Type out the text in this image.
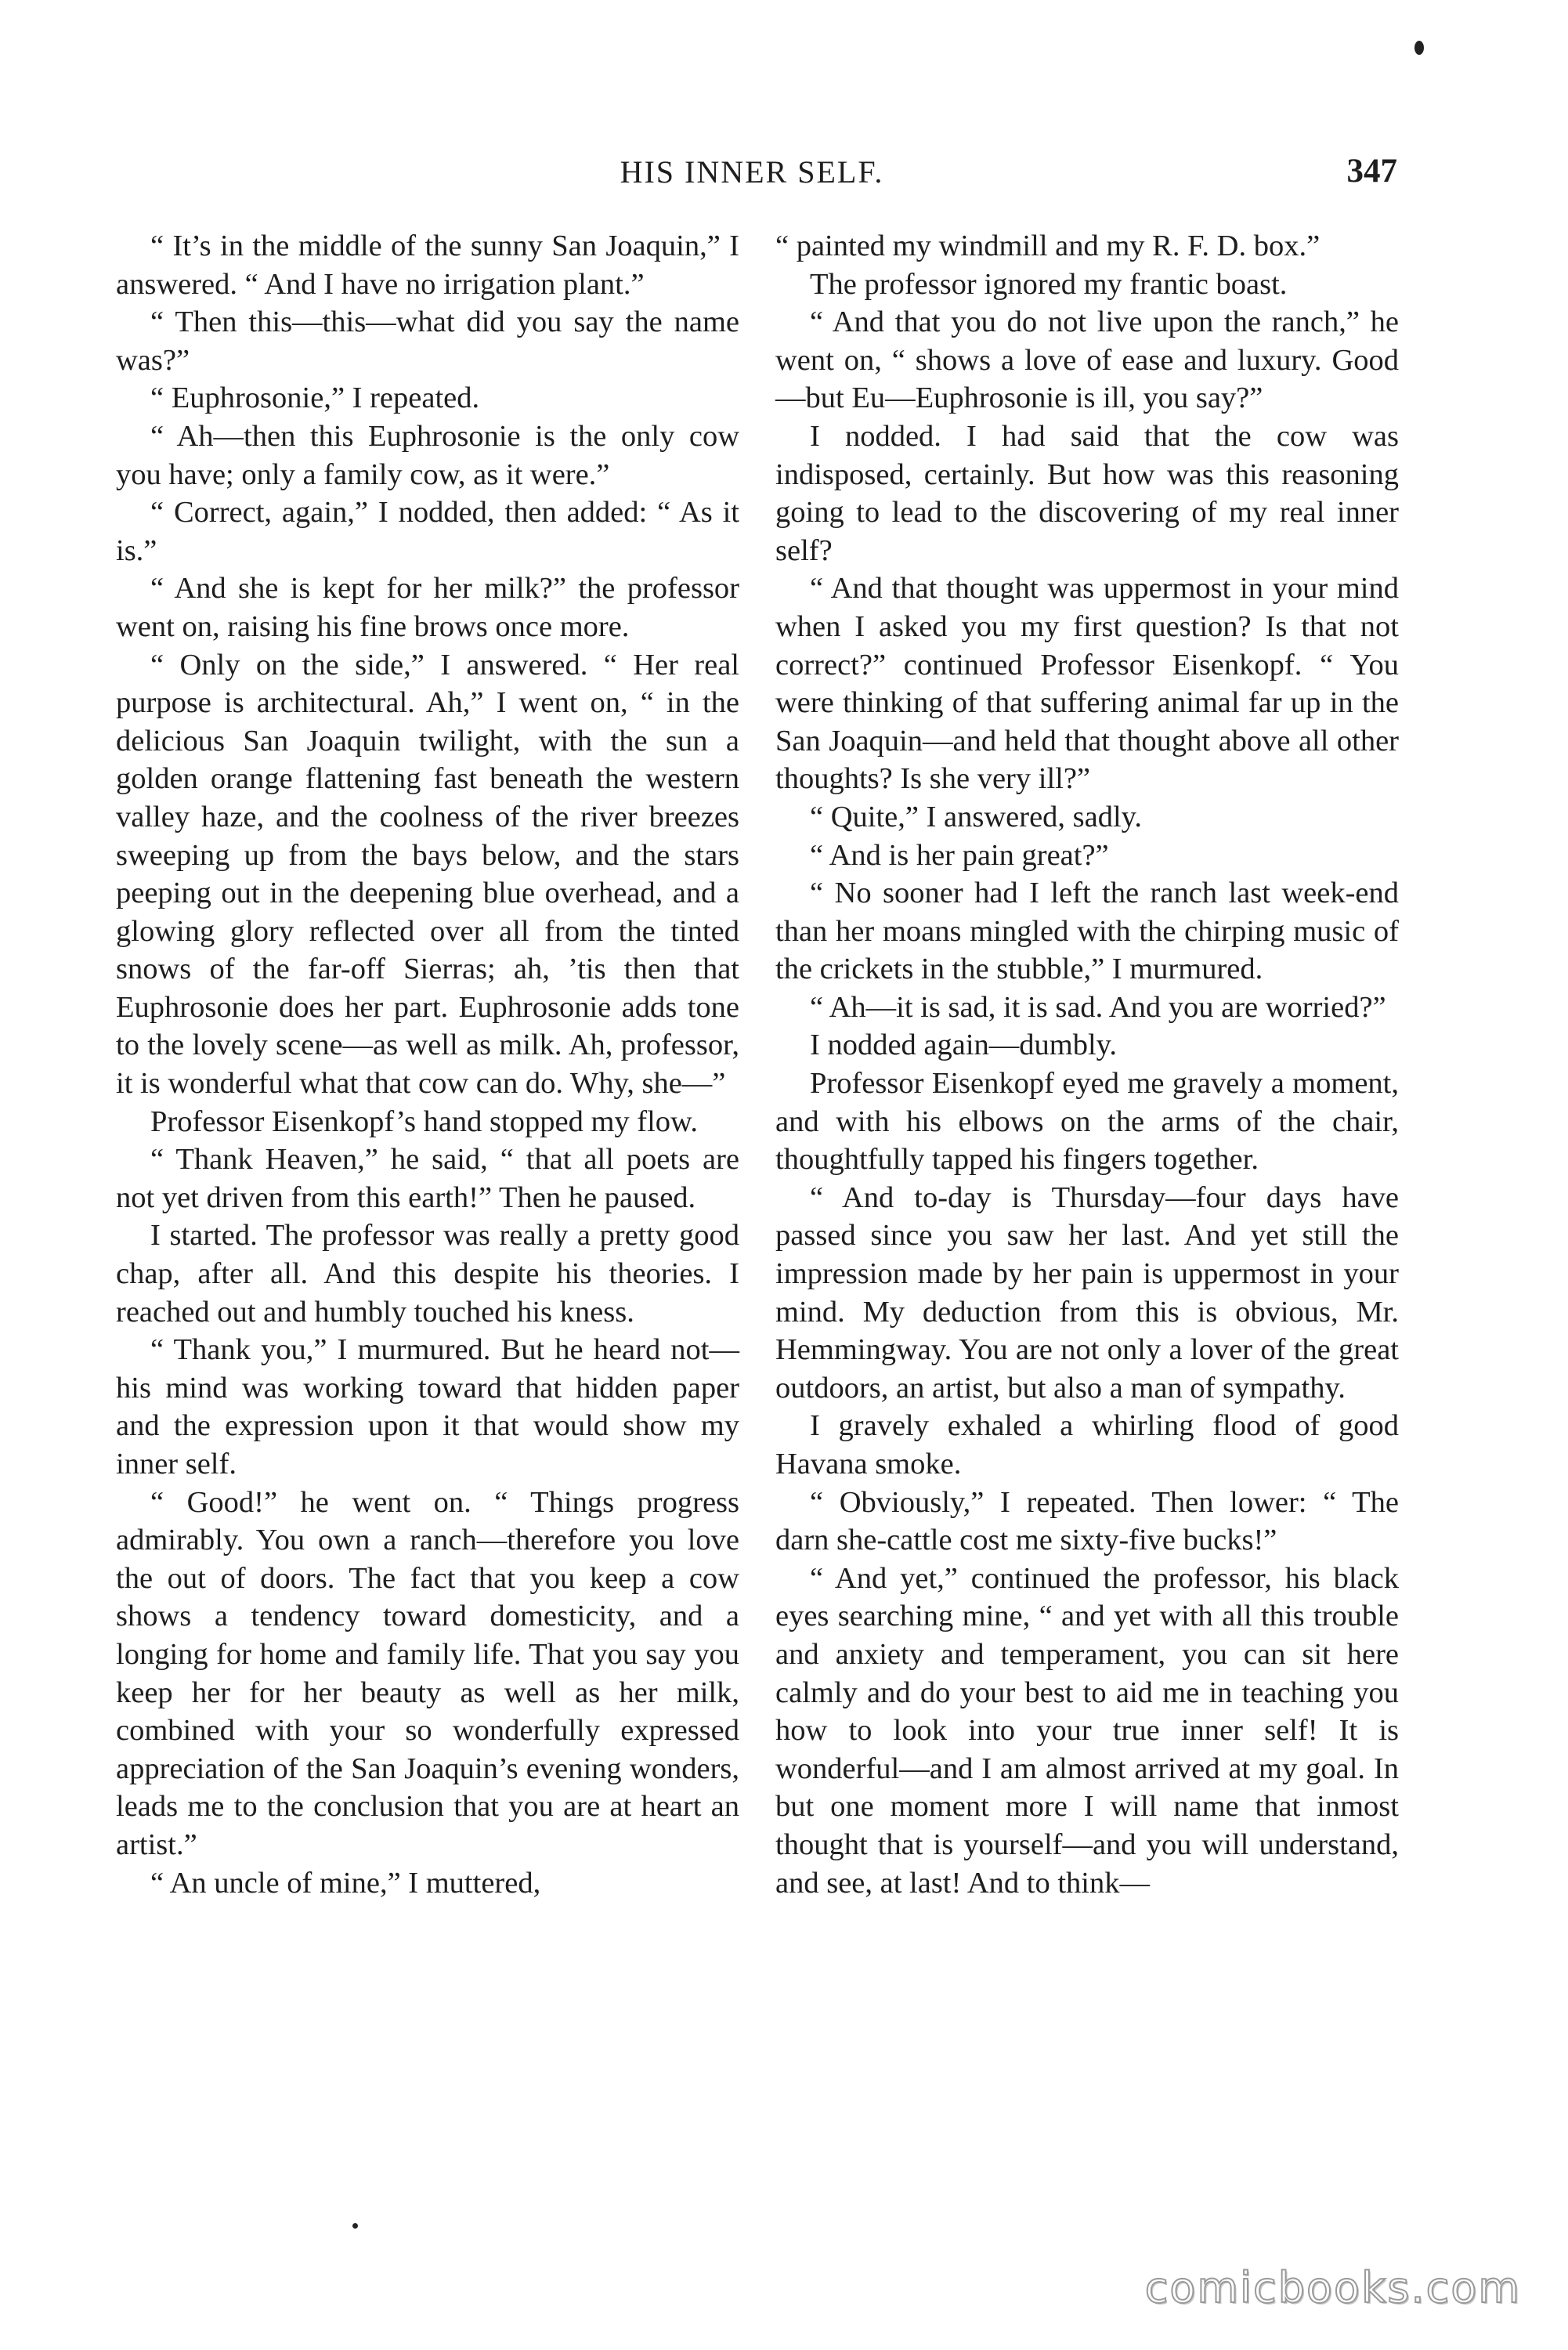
HIS INNER SELF.	347

“ It’s in the middle of the sunny San Joaquin,” I answered. “ And I have no irrigation plant.”

“ Then this—this—what did you say the name was?”

“ Euphrosonie,” I repeated.

“ Ah—then this Euphrosonie is the only cow you have; only a family cow, as it were.”

“ Correct, again,” I nodded, then added: “ As it is.”

“ And she is kept for her milk?” the professor went on, raising his fine brows once more.

“ Only on the side,” I answered. “ Her real purpose is architectural. Ah,” I went on, “ in the delicious San Joaquin twilight, with the sun a golden orange flattening fast beneath the western valley haze, and the coolness of the river breezes sweeping up from the bays below, and the stars peeping out in the deepening blue overhead, and a glowing glory reflected over all from the tinted snows of the far-off Sierras; ah, ’tis then that Euphrosonie does her part. Euphrosonie adds tone to the lovely scene—as well as milk. Ah, professor, it is wonderful what that cow can do. Why, she—”

Professor Eisenkopf’s hand stopped my flow.

“ Thank Heaven,” he said, “ that all poets are not yet driven from this earth!” Then he paused.

I started. The professor was really a pretty good chap, after all. And this despite his theories. I reached out and humbly touched his kness.

“ Thank you,” I murmured. But he heard not—his mind was working toward that hidden paper and the expression upon it that would show my inner self.

“ Good!” he went on. “ Things progress admirably. You own a ranch—therefore you love the out of doors. The fact that you keep a cow shows a tendency toward domesticity, and a longing for home and family life. That you say you keep her for her beauty as well as her milk, combined with your so wonderfully expressed appreciation of the San Joaquin’s evening wonders, leads me to the conclusion that you are at heart an artist.”

“ An uncle of mine,” I muttered,

“ painted my windmill and my R. F. D. box.”

The professor ignored my frantic boast.

“ And that you do not live upon the ranch,” he went on, “ shows a love of ease and luxury. Good—but Eu—Euphrosonie is ill, you say?”

I nodded. I had said that the cow was indisposed, certainly. But how was this reasoning going to lead to the discovering of my real inner self?

“ And that thought was uppermost in your mind when I asked you my first question? Is that not correct?” continued Professor Eisenkopf. “ You were thinking of that suffering animal far up in the San Joaquin—and held that thought above all other thoughts? Is she very ill?”

“ Quite,” I answered, sadly.

“ And is her pain great?”

“ No sooner had I left the ranch last week-end than her moans mingled with the chirping music of the crickets in the stubble,” I murmured.

“ Ah—it is sad, it is sad. And you are worried?”

I nodded again—dumbly.

Professor Eisenkopf eyed me gravely a moment, and with his elbows on the arms of the chair, thoughtfully tapped his fingers together.

“ And to-day is Thursday—four days have passed since you saw her last. And yet still the impression made by her pain is uppermost in your mind. My deduction from this is obvious, Mr. Hemmingway. You are not only a lover of the great outdoors, an artist, but also a man of sympathy.

I gravely exhaled a whirling flood of good Havana smoke.

“ Obviously,” I repeated. Then lower: “ The darn she-cattle cost me sixty-five bucks!”

“ And yet,” continued the professor, his black eyes searching mine, “ and yet with all this trouble and anxiety and temperament, you can sit here calmly and do your best to aid me in teaching you how to look into your true inner self! It is wonderful—and I am almost arrived at my goal. In but one moment more I will name that inmost thought that is yourself—and you will understand, and see, at last! And to think—

comicbooks.com
